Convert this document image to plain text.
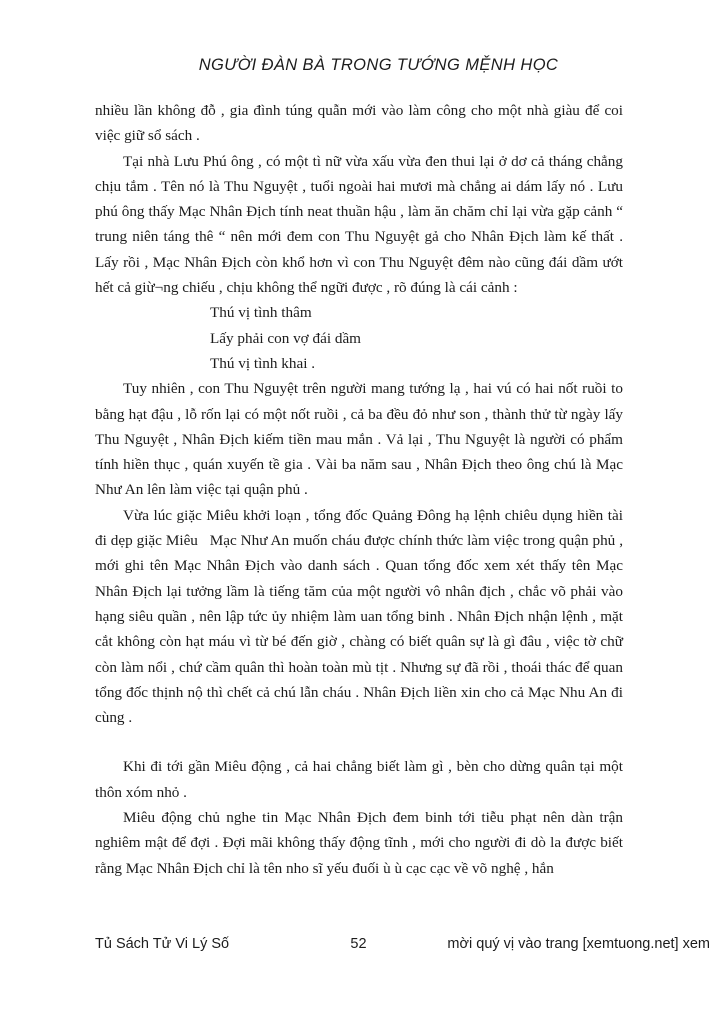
NGƯỜI ĐÀN BÀ TRONG TƯỚNG MỆNH HỌC

nhiều lần không đỗ , gia đình túng quẫn mới vào làm công cho một nhà giàu để coi việc giữ sổ sách .

Tại nhà Lưu Phú ông , có một tì nữ vừa xấu vừa đen thui lại ở dơ cả tháng chẳng chịu tắm . Tên nó là Thu Nguyệt , tuổi ngoài hai mươi mà chẳng ai dám lấy nó . Lưu phú ông thấy Mạc Nhân Địch tính neat thuần hậu , làm ăn chăm chỉ lại vừa gặp cảnh “ trung niên táng thê “ nên mới đem con Thu Nguyệt gả cho Nhân Địch làm kế thất . Lấy rồi , Mạc Nhân Địch còn khổ hơn vì con Thu Nguyệt đêm nào cũng đái dầm ướt hết cả giừ¬ng chiếu , chịu không thể ngữi được , rõ đúng là cái cảnh :

Thú vị tình thâm
Lấy phải con vợ đái dầm
Thú vị tình khai .

Tuy nhiên , con Thu Nguyệt trên người mang tướng lạ , hai vú có hai nốt ruồi to bằng hạt đậu , lỗ rốn lại có một nốt ruồi , cả ba đều đỏ như son , thành thử từ ngày lấy Thu Nguyệt , Nhân Địch kiếm tiền mau mắn . Vả lại , Thu Nguyệt là người có phẩm tính hiền thục , quán xuyến tề gia . Vài ba năm sau , Nhân Địch theo ông chú là Mạc Như An lên làm việc tại quận phủ .

Vừa lúc giặc Miêu khởi loạn , tổng đốc Quảng Đông hạ lệnh chiêu dụng hiền tài đi dẹp giặc Miêu   Mạc Như An muốn cháu được chính thức làm việc trong quận phủ , mới ghi tên Mạc Nhân Địch vào danh sách . Quan tổng đốc xem xét thấy tên Mạc Nhân Địch lại tưởng lầm là tiếng tăm của một người vô nhân địch , chắc võ phải vào hạng siêu quần , nên lập tức ủy nhiệm làm uan tổng binh . Nhân Địch nhận lệnh , mặt cắt không còn hạt máu vì từ bé đến giờ , chàng có biết quân sự là gì đâu , việc tờ chữ còn làm nổi , chứ cầm quân thì hoàn toàn mù tịt . Nhưng sự đã rồi , thoái thác để quan tổng đốc thịnh nộ thì chết cả chú lẫn cháu . Nhân Địch liền xin cho cả Mạc Nhu An đi cùng .

Khi đi tới gần Miêu động , cả hai chẳng biết làm gì , bèn cho dừng quân tại một thôn xóm nhỏ .

Miêu động chủ nghe tin Mạc Nhân Địch đem binh tới tiễu phạt nên dàn trận nghiêm mật để đợi . Đợi mãi không thấy động tĩnh , mới cho người đi dò la được biết rằng Mạc Nhân Địch chỉ là tên nho sĩ yếu đuối ù ù cạc cạc về võ nghệ , hắn

Tủ Sách Tử Vi Lý Số	52	mời quý vị vào trang [xemtuong.net] xem
